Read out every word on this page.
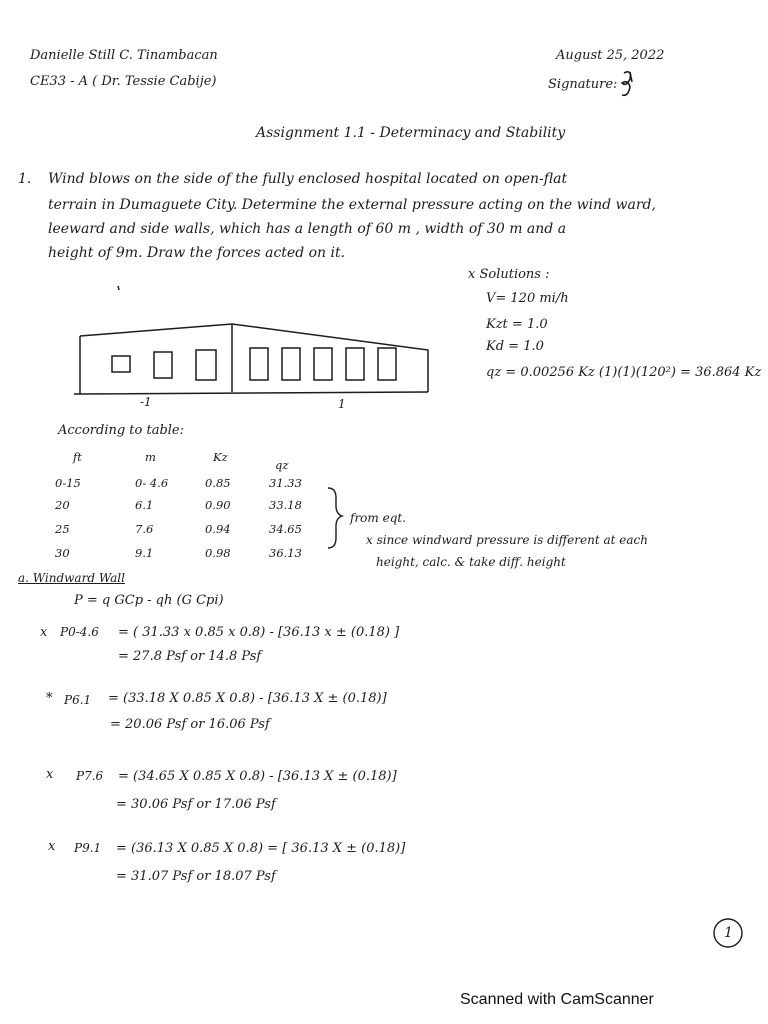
Danielle Still C. Tinambacan
CE33 - A ( Dr. Tessie Cabije)
August 25, 2022
Signature:
Assignment 1.1 - Determinacy and Stability
1. Wind blows on the side of the fully enclosed hospital located on open-flat
terrain in Dumaguete City. Determine the external pressure acting on the wind ward,
leeward and side walls, which has a length of 60 m , width of 30 m and a
height of 9m. Draw the forces acted on it.
x Solutions :
V= 120 mi/h
Kzt = 1.0
Kd = 1.0
qz = 0.00256 Kz (1)(1)(120²) = 36.864 Kz
-1	1
According to table:
ft	m	Kz
qz
0-15	0- 4.6	0.85	31.33
20	6.1	0.90	33.18
25	7.6	0.94	34.65
30	9.1	0.98	36.13
from eqt.
x since windward pressure is different at each
height, calc. & take diff. height
a. Windward Wall
P = q GCp - qh (G Cpi)
x P0-4.6 = ( 31.33 x 0.85 x 0.8) - [36.13 x ± (0.18) ]
= 27.8 Psf or 14.8 Psf
* P6.1 = (33.18 X 0.85 X 0.8) - [36.13 X ± (0.18)]
= 20.06 Psf or 16.06 Psf
x P7.6 = (34.65 X 0.85 X 0.8) - [36.13 X ± (0.18)]
= 30.06 Psf or 17.06 Psf
x P9.1 = (36.13 X 0.85 X 0.8) = [ 36.13 X ± (0.18)]
= 31.07 Psf or 18.07 Psf
1
Scanned with CamScanner
